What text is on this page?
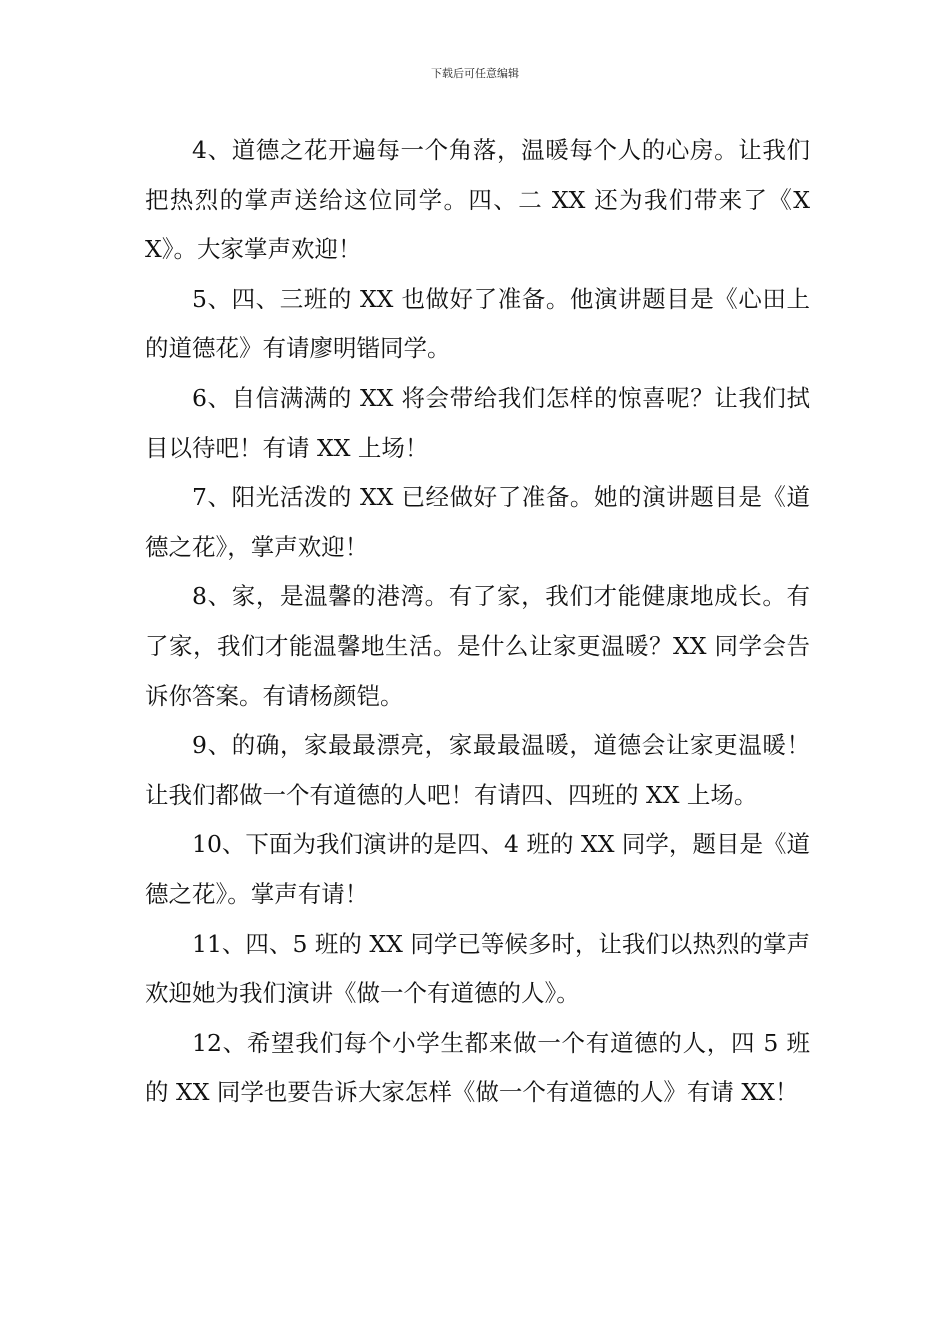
下载后可任意编辑

4、道德之花开遍每一个角落，温暖每个人的心房。让我们把热烈的掌声送给这位同学。四、二 XX 还为我们带来了《XX》。大家掌声欢迎！

5、四、三班的 XX 也做好了准备。他演讲题目是《心田上的道德花》有请廖明锴同学。

6、自信满满的 XX 将会带给我们怎样的惊喜呢？让我们拭目以待吧！有请 XX 上场！

7、阳光活泼的 XX 已经做好了准备。她的演讲题目是《道德之花》，掌声欢迎！

8、家，是温馨的港湾。有了家，我们才能健康地成长。有了家，我们才能温馨地生活。是什么让家更温暖？XX 同学会告诉你答案。有请杨颜铠。

9、的确，家最最漂亮，家最最温暖，道德会让家更温暖！让我们都做一个有道德的人吧！有请四、四班的 XX 上场。

10、下面为我们演讲的是四、4 班的 XX 同学，题目是《道德之花》。掌声有请！

11、四、5 班的 XX 同学已等候多时，让我们以热烈的掌声欢迎她为我们演讲《做一个有道德的人》。

12、希望我们每个小学生都来做一个有道德的人，四 5 班的 XX 同学也要告诉大家怎样《做一个有道德的人》有请 XX！
